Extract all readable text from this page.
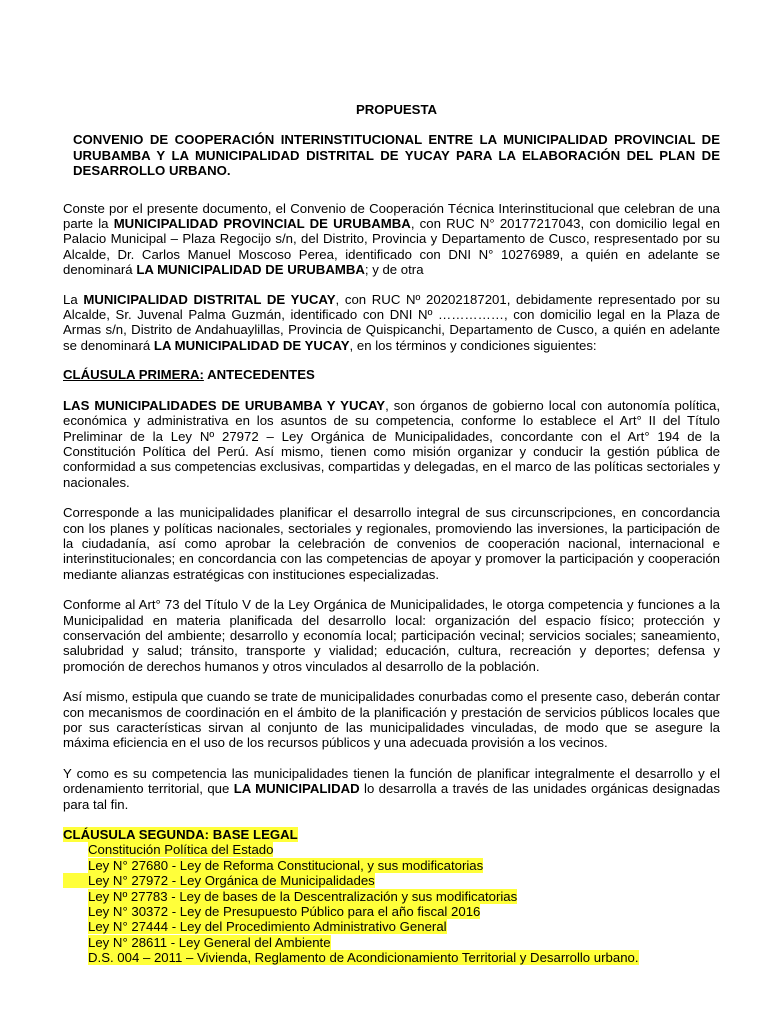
PROPUESTA
CONVENIO DE COOPERACIÓN INTERINSTITUCIONAL ENTRE LA MUNICIPALIDAD PROVINCIAL DE URUBAMBA Y LA MUNICIPALIDAD DISTRITAL DE YUCAY PARA LA ELABORACIÓN DEL PLAN DE DESARROLLO URBANO.

Conste por el presente documento, el Convenio de Cooperación Técnica Interinstitucional que celebran de una parte la MUNICIPALIDAD PROVINCIAL DE URUBAMBA, con RUC N° 20177217043, con domicilio legal en Palacio Municipal – Plaza Regocijo s/n, del Distrito, Provincia y Departamento de Cusco, respresentado por su Alcalde, Dr. Carlos Manuel Moscoso Perea, identificado con DNI N° 10276989, a quién en adelante se denominará LA MUNICIPALIDAD DE URUBAMBA; y de otra

La MUNICIPALIDAD DISTRITAL DE YUCAY, con RUC Nº 20202187201, debidamente representado por su Alcalde, Sr. Juvenal Palma Guzmán, identificado con DNI Nº ……………, con domicilio legal en la Plaza de Armas s/n, Distrito de Andahuaylillas, Provincia de Quispicanchi, Departamento de Cusco, a quién en adelante se denominará LA MUNICIPALIDAD DE YUCAY, en los términos y condiciones siguientes:

CLÁUSULA PRIMERA: ANTECEDENTES

LAS MUNICIPALIDADES DE URUBAMBA Y YUCAY, son órganos de gobierno local con autonomía política, económica y administrativa en los asuntos de su competencia, conforme lo establece el Art° II del Título Preliminar de la Ley Nº 27972 – Ley Orgánica de Municipalidades, concordante con el Art° 194 de la Constitución Política del Perú. Así mismo, tienen como misión organizar y conducir la gestión pública de conformidad a sus competencias exclusivas, compartidas y delegadas, en el marco de las políticas sectoriales y nacionales.

Corresponde a las municipalidades planificar el desarrollo integral de sus circunscripciones, en concordancia con los planes y políticas nacionales, sectoriales y regionales, promoviendo las inversiones, la participación de la ciudadanía, así como aprobar la celebración de convenios de cooperación nacional, internacional e interinstitucionales; en concordancia con las competencias de apoyar y promover la participación y cooperación mediante alianzas estratégicas con instituciones especializadas.

Conforme al Art° 73 del Título V de la Ley Orgánica de Municipalidades, le otorga competencia y funciones a la Municipalidad en materia planificada del desarrollo local: organización del espacio físico; protección y conservación del ambiente; desarrollo y economía local; participación vecinal; servicios sociales; saneamiento, salubridad y salud; tránsito, transporte y vialidad; educación, cultura, recreación y deportes; defensa y promoción de derechos humanos y otros vinculados al desarrollo de la población.

Así mismo, estipula que cuando se trate de municipalidades conurbadas como el presente caso, deberán contar con mecanismos de coordinación en el ámbito de la planificación y prestación de servicios públicos locales que por sus características sirvan al conjunto de las municipalidades vinculadas, de modo que se asegure la máxima eficiencia en el uso de los recursos públicos y una adecuada provisión a los vecinos.

Y como es su competencia las municipalidades tienen la función de planificar integralmente el desarrollo y el ordenamiento territorial, que LA MUNICIPALIDAD lo desarrolla a través de las unidades orgánicas designadas para tal fin.

CLÁUSULA SEGUNDA: BASE LEGAL
Constitución Política del Estado
Ley N° 27680 - Ley de Reforma Constitucional, y sus modificatorias
Ley N° 27972 - Ley Orgánica de Municipalidades
Ley Nº 27783 - Ley de bases de la Descentralización y sus modificatorias
Ley N° 30372 - Ley de Presupuesto Público para el año fiscal 2016
Ley N° 27444 - Ley del Procedimiento Administrativo General
Ley N° 28611 - Ley General del Ambiente
D.S. 004 – 2011 – Vivienda, Reglamento de Acondicionamiento Territorial y Desarrollo urbano.
